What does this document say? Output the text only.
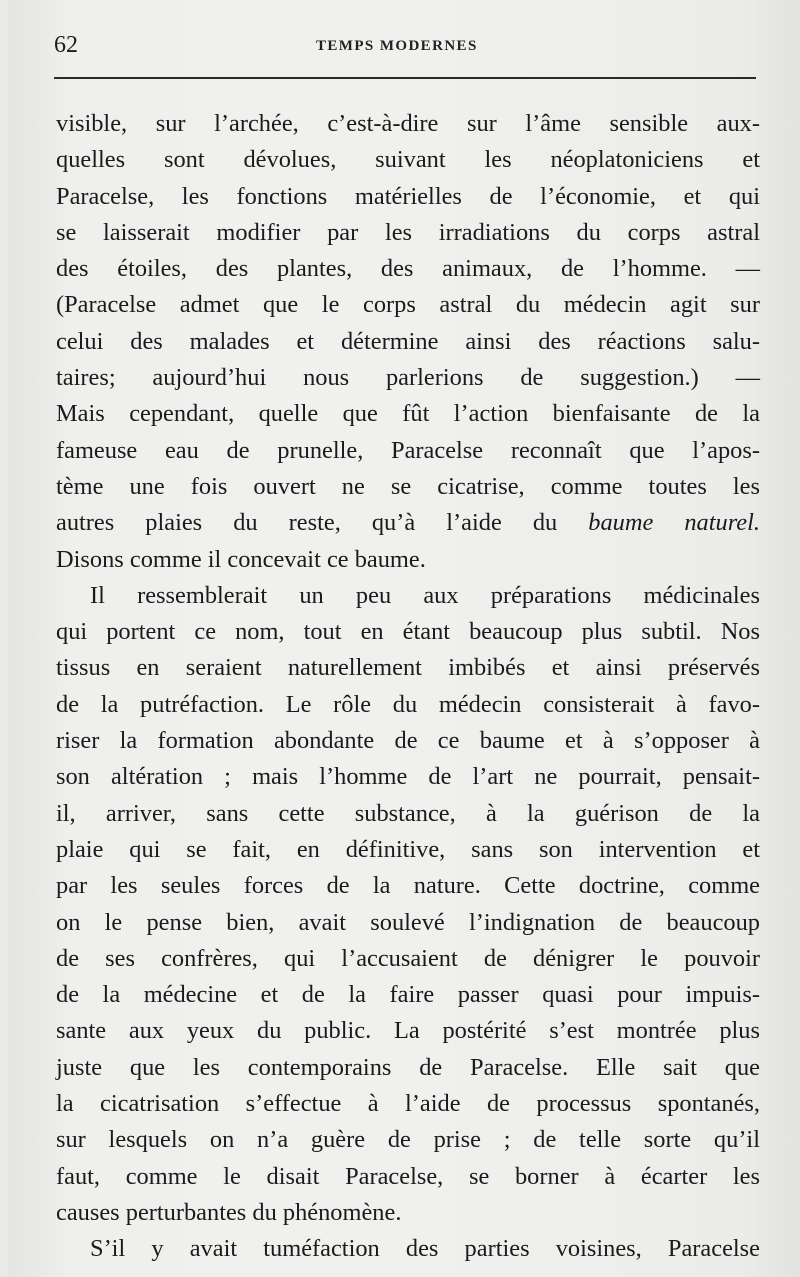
62	TEMPS MODERNES
visible, sur l’archée, c’est-à-dire sur l’âme sensible aux-
quelles sont dévolues, suivant les néoplatoniciens et
Paracelse, les fonctions matérielles de l’économie, et qui
se laisserait modifier par les irradiations du corps astral
des étoiles, des plantes, des animaux, de l’homme. —
(Paracelse admet que le corps astral du médecin agit sur
celui des malades et détermine ainsi des réactions salu-
taires; aujourd’hui nous parlerions de suggestion.) —
Mais cependant, quelle que fût l’action bienfaisante de la
fameuse eau de prunelle, Paracelse reconnaît que l’apos-
tème une fois ouvert ne se cicatrise, comme toutes les
autres plaies du reste, qu’à l’aide du baume naturel.
Disons comme il concevait ce baume.
Il ressemblerait un peu aux préparations médicinales
qui portent ce nom, tout en étant beaucoup plus subtil. Nos
tissus en seraient naturellement imbibés et ainsi préservés
de la putréfaction. Le rôle du médecin consisterait à favo-
riser la formation abondante de ce baume et à s’opposer à
son altération ; mais l’homme de l’art ne pourrait, pensait-
il, arriver, sans cette substance, à la guérison de la
plaie qui se fait, en définitive, sans son intervention et
par les seules forces de la nature. Cette doctrine, comme
on le pense bien, avait soulevé l’indignation de beaucoup
de ses confrères, qui l’accusaient de dénigrer le pouvoir
de la médecine et de la faire passer quasi pour impuis-
sante aux yeux du public. La postérité s’est montrée plus
juste que les contemporains de Paracelse. Elle sait que
la cicatrisation s’effectue à l’aide de processus spontanés,
sur lesquels on n’a guère de prise ; de telle sorte qu’il
faut, comme le disait Paracelse, se borner à écarter les
causes perturbantes du phénomène.
S’il y avait tuméfaction des parties voisines, Paracelse
